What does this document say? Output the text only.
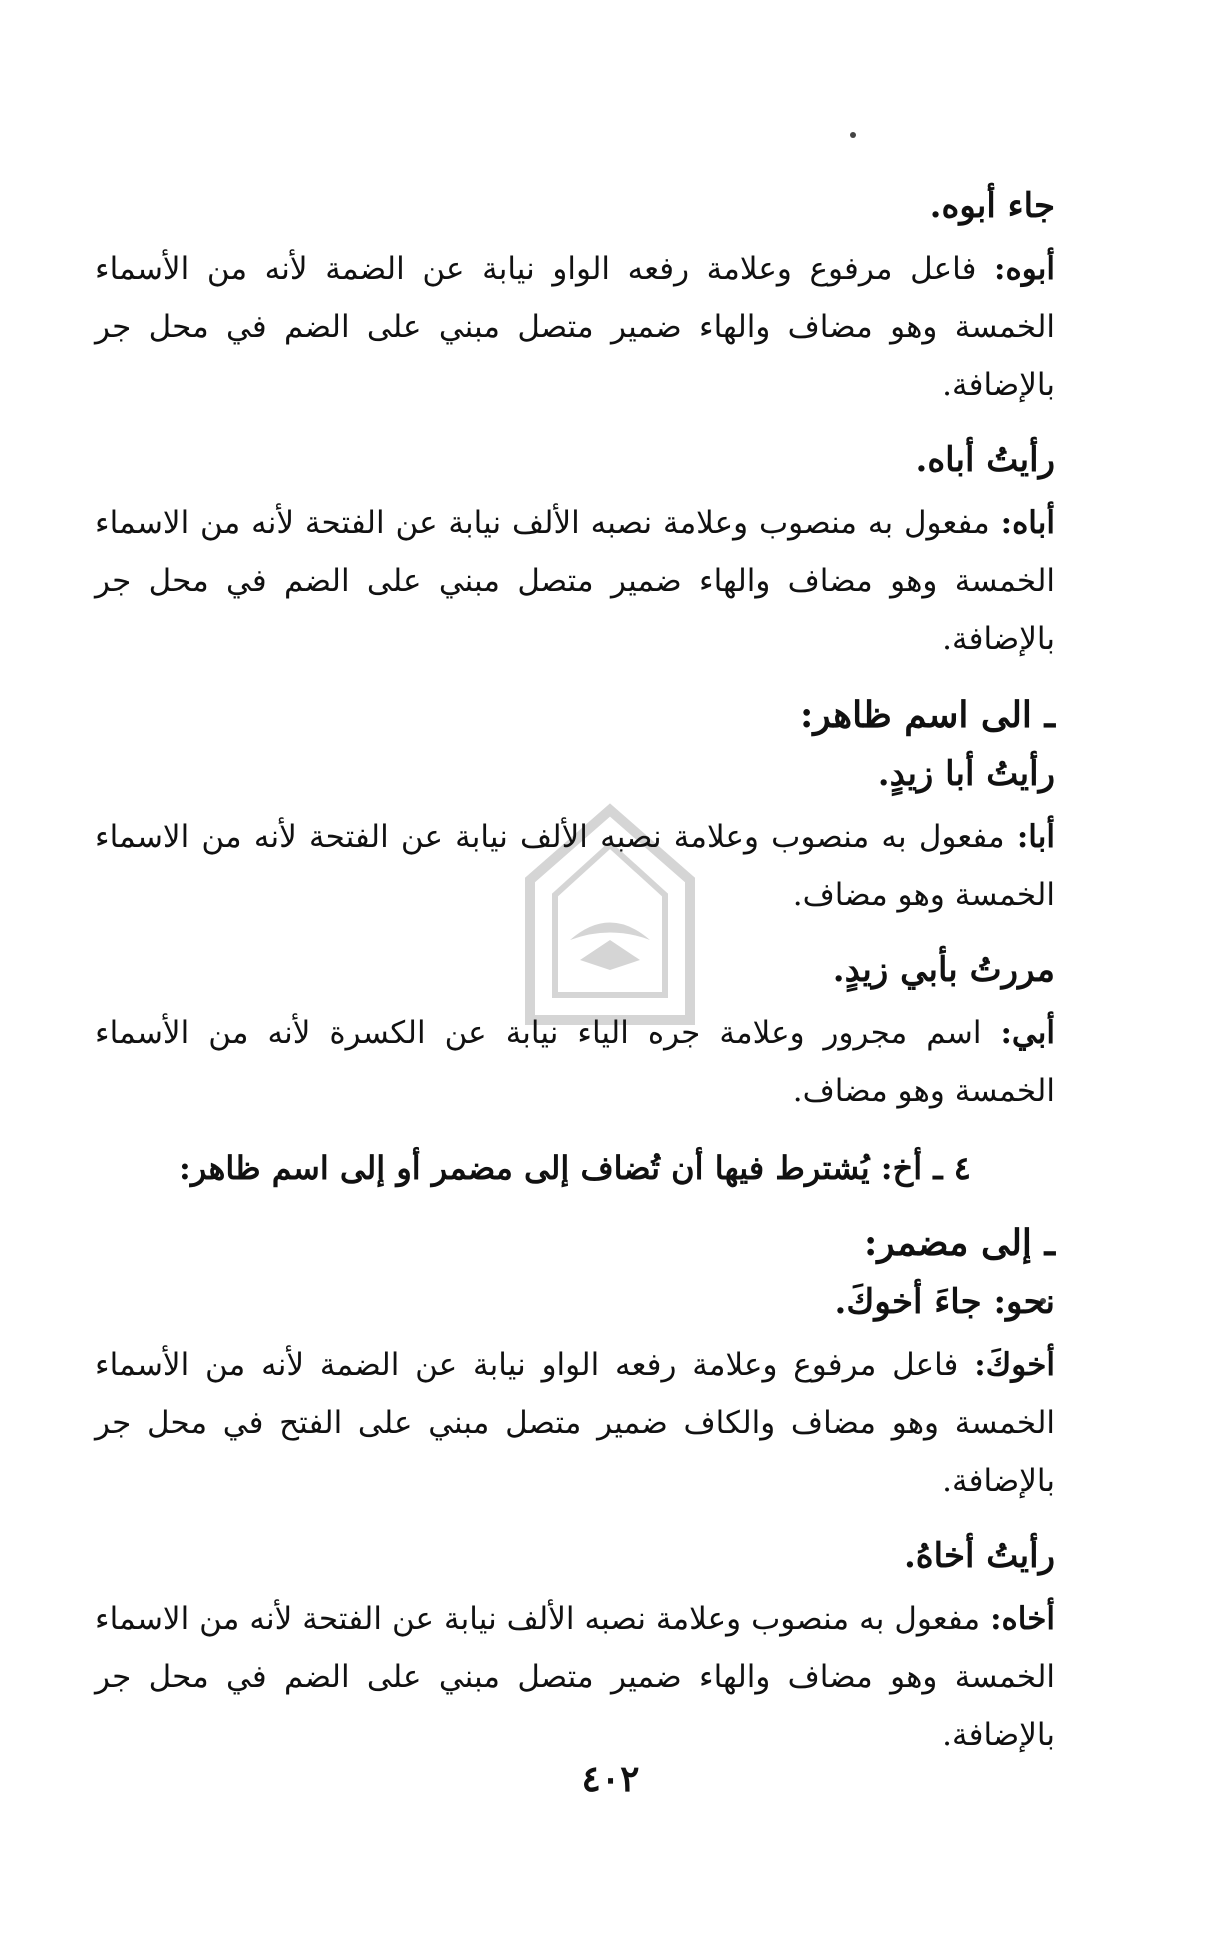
جاء أبوه.
أبوه: فاعل مرفوع وعلامة رفعه الواو نيابة عن الضمة لأنه من الأسماء الخمسة وهو مضاف والهاء ضمير متصل مبني على الضم في محل جر بالإضافة.
رأيتُ أباه.
أباه: مفعول به منصوب وعلامة نصبه الألف نيابة عن الفتحة لأنه من الاسماء الخمسة وهو مضاف والهاء ضمير متصل مبني على الضم في محل جر بالإضافة.
ـ الى اسم ظاهر:
رأيتُ أبا زيدٍ.
أبا: مفعول به منصوب وعلامة نصبه الألف نيابة عن الفتحة لأنه من الاسماء الخمسة وهو مضاف.
مررتُ بأبي زيدٍ.
أبي: اسم مجرور وعلامة جره الياء نيابة عن الكسرة لأنه من الأسماء الخمسة وهو مضاف.
٤ ـ أخ: يُشترط فيها أن تُضاف إلى مضمر أو إلى اسم ظاهر:
ـ إلى مضمر:
نحو: جاءَ أخوكَ.
أخوكَ: فاعل مرفوع وعلامة رفعه الواو نيابة عن الضمة لأنه من الأسماء الخمسة وهو مضاف والكاف ضمير متصل مبني على الفتح في محل جر بالإضافة.
رأيتُ أخاهُ.
أخاه: مفعول به منصوب وعلامة نصبه الألف نيابة عن الفتحة لأنه من الاسماء الخمسة وهو مضاف والهاء ضمير متصل مبني على الضم في محل جر بالإضافة.
٤٠٢
